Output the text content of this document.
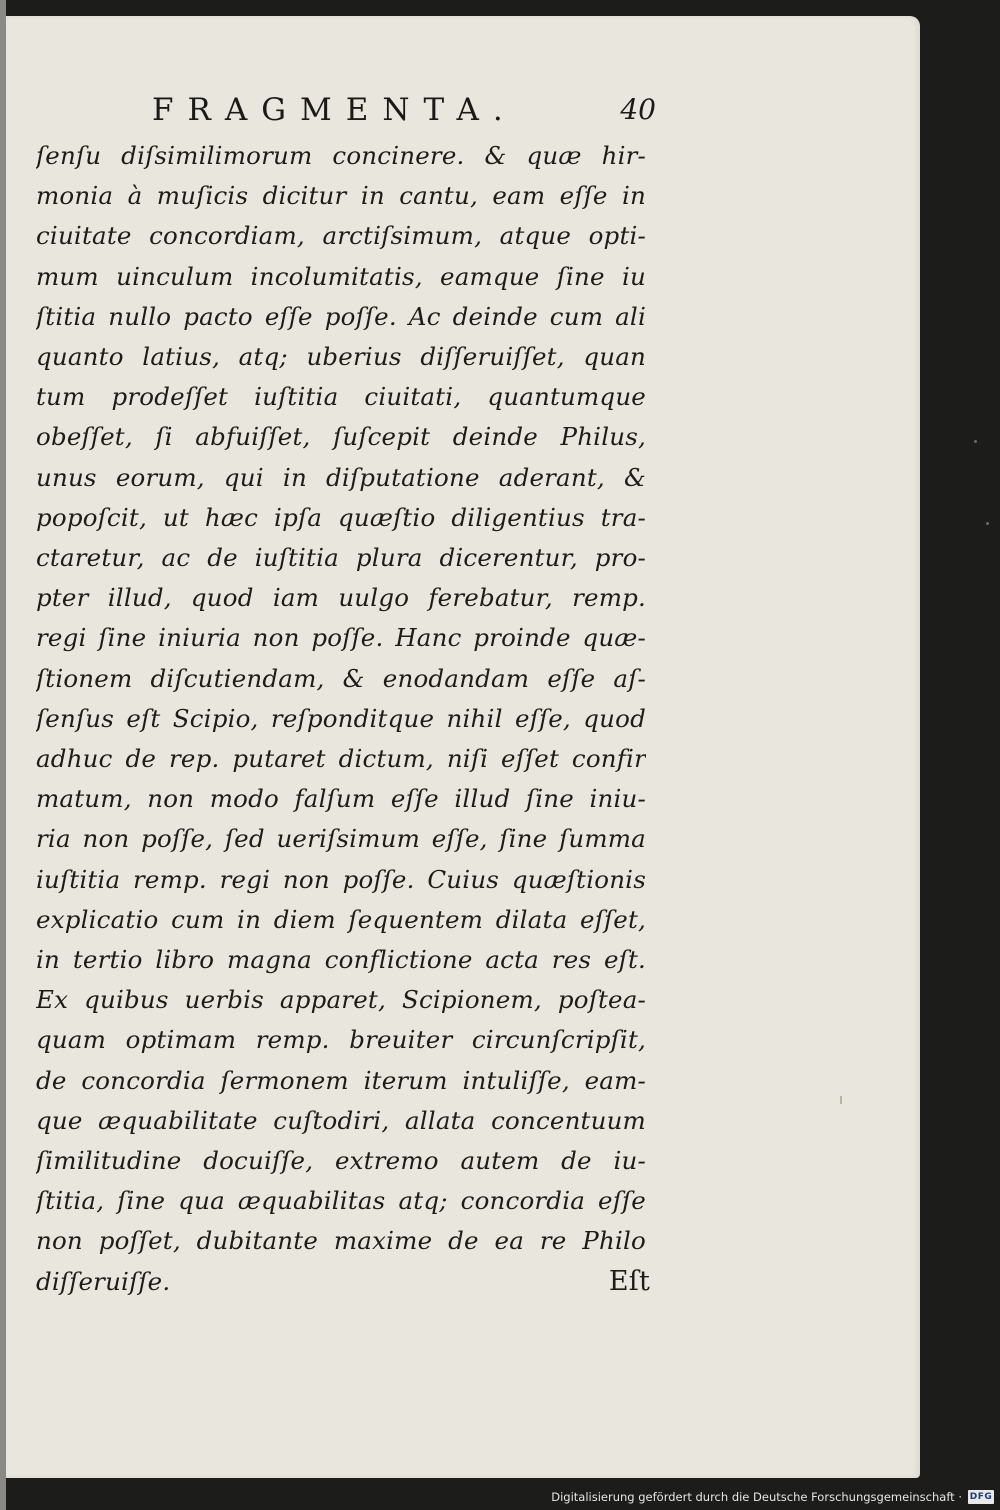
FRAGMENTA.	40
ſenſu diſsimilimorum concinere. & quæ hir-
monia à muſicis dicitur in cantu, eam eſſe in
ciuitate concordiam, arctiſsimum, atque opti-
mum uinculum incolumitatis, eamque ſine iu
ſtitia nullo pacto eſſe poſſe. Ac deinde cum ali
quanto latius, atq; uberius diſſeruiſſet, quan
tum prodeſſet iuſtitia ciuitati, quantumque
obeſſet, ſi abfuiſſet, ſuſcepit deinde Philus,
unus eorum, qui in diſputatione aderant, &
popoſcit, ut hæc ipſa quæſtio diligentius tra-
ctaretur, ac de iuſtitia plura dicerentur, pro-
pter illud, quod iam uulgo ferebatur, remp.
regi ſine iniuria non poſſe. Hanc proinde quæ-
ſtionem diſcutiendam, & enodandam eſſe aſ-
ſenſus eſt Scipio, reſponditque nihil eſſe, quod
adhuc de rep. putaret dictum, niſi eſſet confir
matum, non modo falſum eſſe illud ſine iniu-
ria non poſſe, ſed ueriſsimum eſſe, ſine ſumma
iuſtitia remp. regi non poſſe. Cuius quæſtionis
explicatio cum in diem ſequentem dilata eſſet,
in tertio libro magna conflictione acta res eſt.
Ex quibus uerbis apparet, Scipionem, poſtea-
quam optimam remp. breuiter circunſcripſit,
de concordia ſermonem iterum intuliſſe, eam-
que æquabilitate cuſtodiri, allata concentuum
ſimilitudine docuiſſe, extremo autem de iu-
ſtitia, ſine qua æquabilitas atq; concordia eſſe
non poſſet, dubitante maxime de ea re Philo
diſſeruiſſe.	Eſt
Digitalisierung gefördert durch die Deutsche Forschungsgemeinschaft · DFG
